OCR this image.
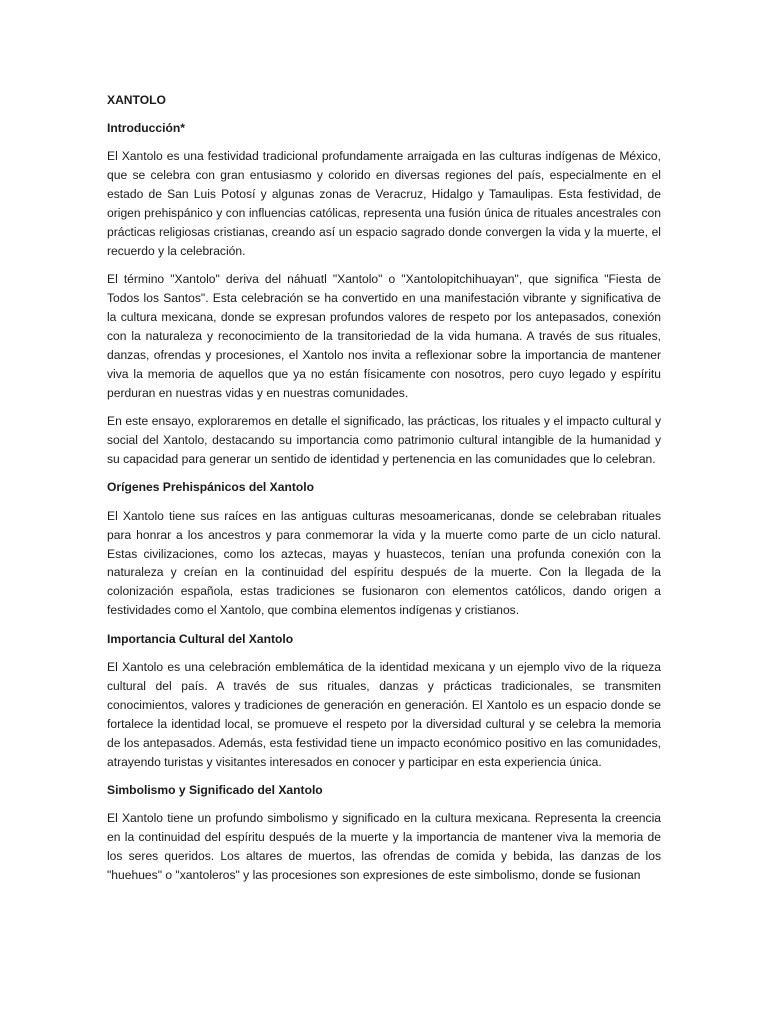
XANTOLO
Introducción*

El Xantolo es una festividad tradicional profundamente arraigada en las culturas indígenas de México, que se celebra con gran entusiasmo y colorido en diversas regiones del país, especialmente en el estado de San Luis Potosí y algunas zonas de Veracruz, Hidalgo y Tamaulipas. Esta festividad, de origen prehispánico y con influencias católicas, representa una fusión única de rituales ancestrales con prácticas religiosas cristianas, creando así un espacio sagrado donde convergen la vida y la muerte, el recuerdo y la celebración.

El término "Xantolo" deriva del náhuatl "Xantolo" o "Xantolopitchihuayan", que significa "Fiesta de Todos los Santos". Esta celebración se ha convertido en una manifestación vibrante y significativa de la cultura mexicana, donde se expresan profundos valores de respeto por los antepasados, conexión con la naturaleza y reconocimiento de la transitoriedad de la vida humana. A través de sus rituales, danzas, ofrendas y procesiones, el Xantolo nos invita a reflexionar sobre la importancia de mantener viva la memoria de aquellos que ya no están físicamente con nosotros, pero cuyo legado y espíritu perduran en nuestras vidas y en nuestras comunidades.

En este ensayo, exploraremos en detalle el significado, las prácticas, los rituales y el impacto cultural y social del Xantolo, destacando su importancia como patrimonio cultural intangible de la humanidad y su capacidad para generar un sentido de identidad y pertenencia en las comunidades que lo celebran.

Orígenes Prehispánicos del Xantolo

El Xantolo tiene sus raíces en las antiguas culturas mesoamericanas, donde se celebraban rituales para honrar a los ancestros y para conmemorar la vida y la muerte como parte de un ciclo natural. Estas civilizaciones, como los aztecas, mayas y huastecos, tenían una profunda conexión con la naturaleza y creían en la continuidad del espíritu después de la muerte. Con la llegada de la colonización española, estas tradiciones se fusionaron con elementos católicos, dando origen a festividades como el Xantolo, que combina elementos indígenas y cristianos.

Importancia Cultural del Xantolo

El Xantolo es una celebración emblemática de la identidad mexicana y un ejemplo vivo de la riqueza cultural del país. A través de sus rituales, danzas y prácticas tradicionales, se transmiten conocimientos, valores y tradiciones de generación en generación. El Xantolo es un espacio donde se fortalece la identidad local, se promueve el respeto por la diversidad cultural y se celebra la memoria de los antepasados. Además, esta festividad tiene un impacto económico positivo en las comunidades, atrayendo turistas y visitantes interesados en conocer y participar en esta experiencia única.

Simbolismo y Significado del Xantolo

El Xantolo tiene un profundo simbolismo y significado en la cultura mexicana. Representa la creencia en la continuidad del espíritu después de la muerte y la importancia de mantener viva la memoria de los seres queridos. Los altares de muertos, las ofrendas de comida y bebida, las danzas de los "huehues" o "xantoleros" y las procesiones son expresiones de este simbolismo, donde se fusionan
